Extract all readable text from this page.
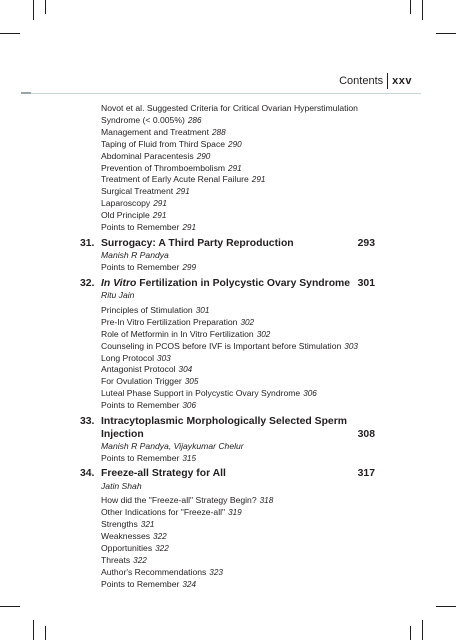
Contents xxv
Novot et al. Suggested Criteria for Critical Ovarian Hyperstimulation Syndrome (< 0.005%) 286
Management and Treatment 288
Taping of Fluid from Third Space 290
Abdominal Paracentesis 290
Prevention of Thromboembolism 291
Treatment of Early Acute Renal Failure 291
Surgical Treatment 291
Laparoscopy 291
Old Principle 291
Points to Remember 291
31. Surrogacy: A Third Party Reproduction	293
Manish R Pandya
Points to Remember 299
32. In Vitro Fertilization in Polycystic Ovary Syndrome 301
Ritu Jain
Principles of Stimulation 301
Pre-In Vitro Fertilization Preparation 302
Role of Metformin in In Vitro Fertilization 302
Counseling in PCOS before IVF is Important before Stimulation 303
Long Protocol 303
Antagonist Protocol 304
For Ovulation Trigger 305
Luteal Phase Support in Polycystic Ovary Syndrome 306
Points to Remember 306
33. Intracytoplasmic Morphologically Selected Sperm Injection	308
Manish R Pandya, Vijaykumar Chelur
Points to Remember 315
34. Freeze-all Strategy for All	317
Jatin Shah
How did the "Freeze-all" Strategy Begin? 318
Other Indications for "Freeze-all" 319
Strengths 321
Weaknesses 322
Opportunities 322
Threats 322
Author's Recommendations 323
Points to Remember 324
